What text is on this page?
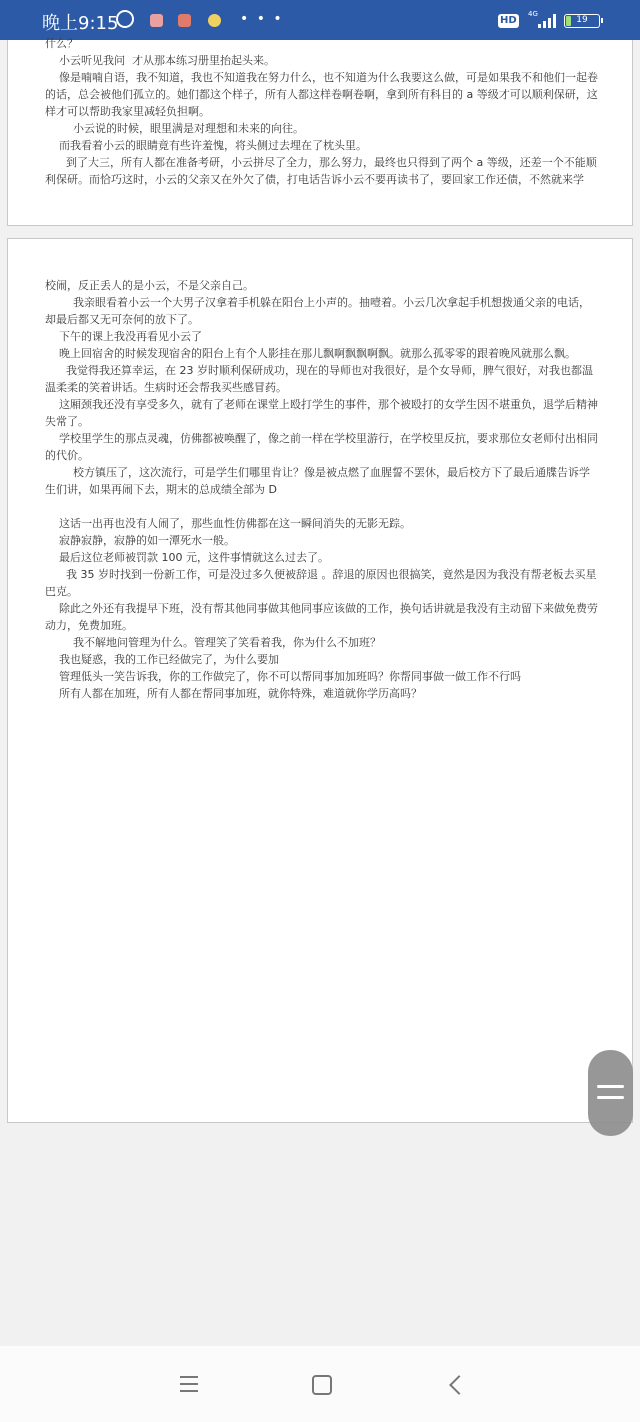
晚上9:15	• • •	HD
4G
19
什么？
小云听见我问  才从那本练习册里抬起头来。
像是喃喃自语，我不知道，我也不知道我在努力什么，也不知道为什么我要这么做，可是如果我不和他们一起卷的话，总会被他们孤立的。她们都这个样子，所有人都这样卷啊卷啊，拿到所有科目的 a 等级才可以顺利保研，这样才可以帮助我家里减轻负担啊。
小云说的时候，眼里满是对理想和未来的向往。
而我看着小云的眼睛竟有些许羞愧，将头侧过去埋在了枕头里。
到了大三，所有人都在准备考研，小云拼尽了全力，那么努力，最终也只得到了两个 a 等级，还差一个不能顺利保研。而恰巧这时，小云的父亲又在外欠了债，打电话告诉小云不要再读书了，要回家工作还债，不然就来学
校闹，反正丢人的是小云，不是父亲自己。
我亲眼看着小云一个大男子汉拿着手机躲在阳台上小声的。抽噎着。小云几次拿起手机想拨通父亲的电话，却最后都又无可奈何的放下了。
下午的课上我没再看见小云了
晚上回宿舍的时候发现宿舍的阳台上有个人影挂在那儿飘啊飘飘啊飘。就那么孤零零的跟着晚风就那么飘。
我觉得我还算幸运，在 23 岁时顺利保研成功，现在的导师也对我很好，是个女导师，脾气很好，对我也都温温柔柔的笑着讲话。生病时还会帮我买些感冒药。
这厢颈我还没有享受多久，就有了老师在课堂上殴打学生的事件，那个被殴打的女学生因不堪重负，退学后精神失常了。
学校里学生的那点灵魂，仿佛都被唤醒了，像之前一样在学校里游行，在学校里反抗，要求那位女老师付出相同的代价。
校方镇压了，这次流行，可是学生们哪里肯让？像是被点燃了血腥誓不罢休，最后校方下了最后通牒告诉学生们讲，如果再闹下去，期末的总成绩全部为 D
这话一出再也没有人闹了，那些血性仿佛都在这一瞬间消失的无影无踪。
寂静寂静，寂静的如一潭死水一般。
最后这位老师被罚款 100 元，这件事情就这么过去了。
我 35 岁时找到一份新工作，可是没过多久便被辞退 。辞退的原因也很搞笑，竟然是因为我没有帮老板去买星巴克。
除此之外还有我提早下班，没有帮其他同事做其他同事应该做的工作，换句话讲就是我没有主动留下来做免费劳动力，免费加班。
我不解地问管理为什么。管理笑了笑看着我，你为什么不加班？
我也疑惑，我的工作已经做完了，为什么要加
管理低头一笑告诉我，你的工作做完了，你不可以帮同事加加班吗？你帮同事做一做工作不行吗
所有人都在加班，所有人都在帮同事加班，就你特殊，难道就你学历高吗？
